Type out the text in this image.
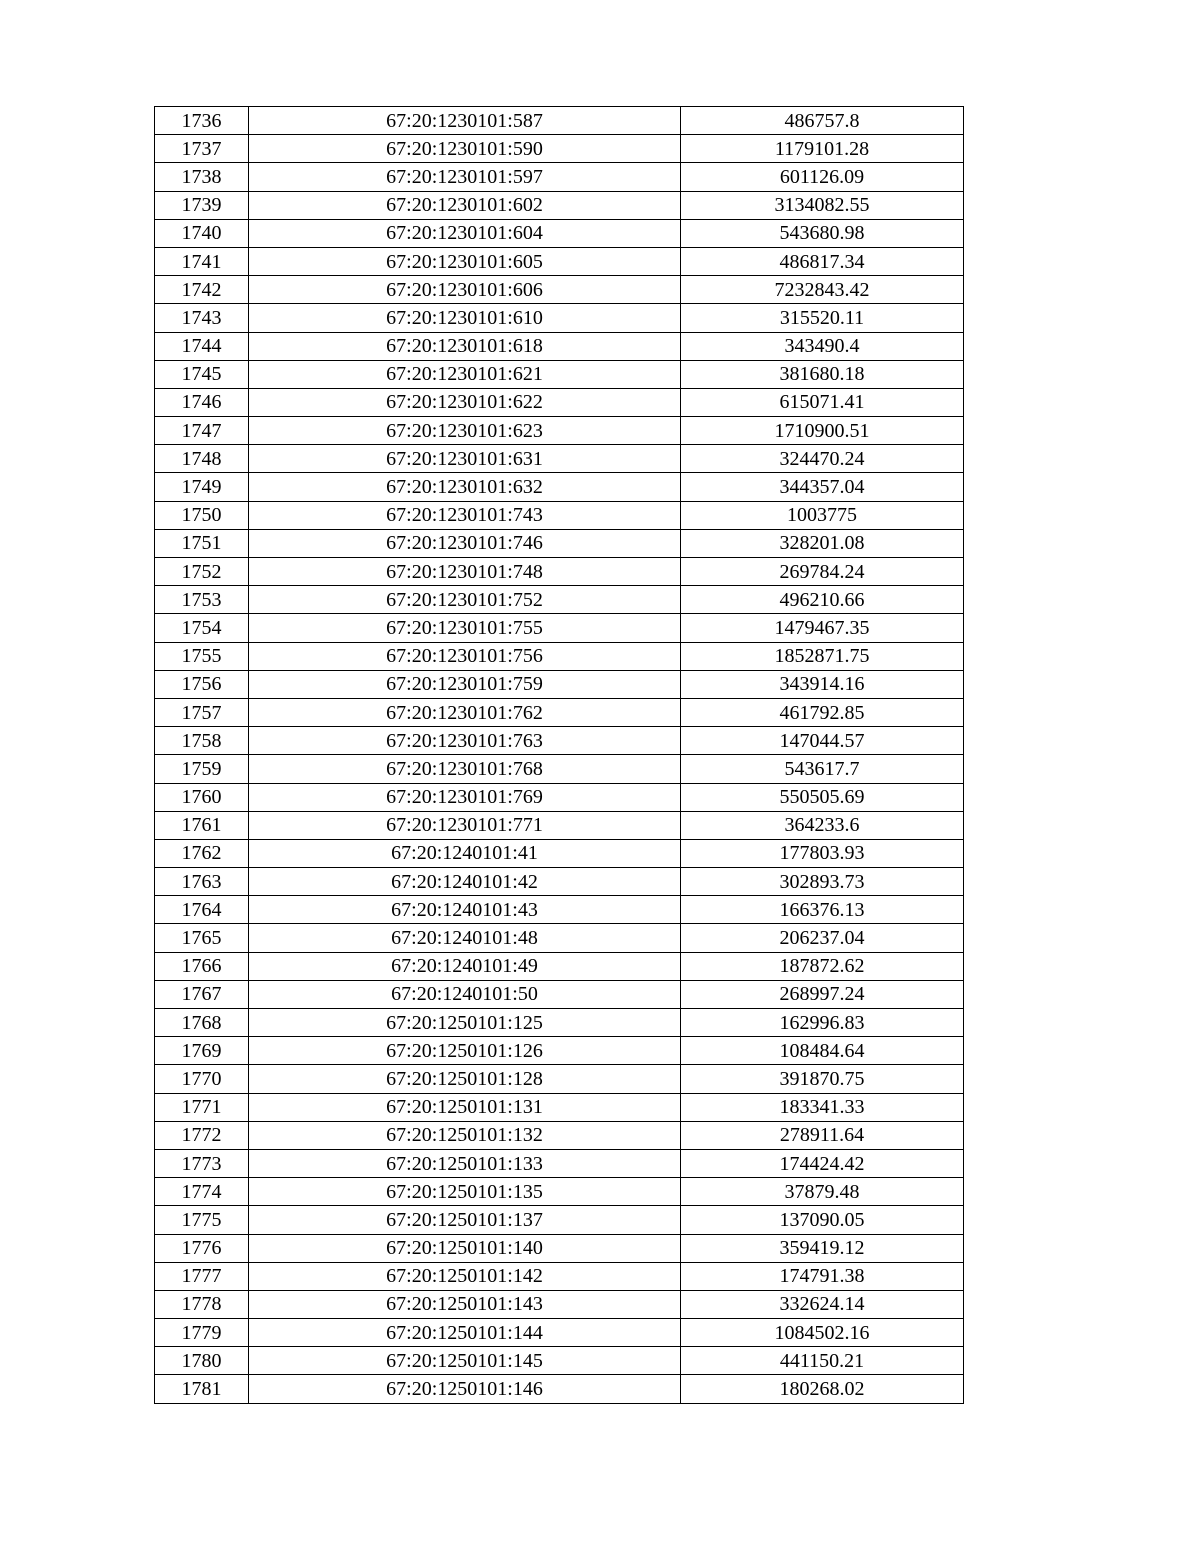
1736	67:20:1230101:587	486757.8
1737	67:20:1230101:590	1179101.28
1738	67:20:1230101:597	601126.09
1739	67:20:1230101:602	3134082.55
1740	67:20:1230101:604	543680.98
1741	67:20:1230101:605	486817.34
1742	67:20:1230101:606	7232843.42
1743	67:20:1230101:610	315520.11
1744	67:20:1230101:618	343490.4
1745	67:20:1230101:621	381680.18
1746	67:20:1230101:622	615071.41
1747	67:20:1230101:623	1710900.51
1748	67:20:1230101:631	324470.24
1749	67:20:1230101:632	344357.04
1750	67:20:1230101:743	1003775
1751	67:20:1230101:746	328201.08
1752	67:20:1230101:748	269784.24
1753	67:20:1230101:752	496210.66
1754	67:20:1230101:755	1479467.35
1755	67:20:1230101:756	1852871.75
1756	67:20:1230101:759	343914.16
1757	67:20:1230101:762	461792.85
1758	67:20:1230101:763	147044.57
1759	67:20:1230101:768	543617.7
1760	67:20:1230101:769	550505.69
1761	67:20:1230101:771	364233.6
1762	67:20:1240101:41	177803.93
1763	67:20:1240101:42	302893.73
1764	67:20:1240101:43	166376.13
1765	67:20:1240101:48	206237.04
1766	67:20:1240101:49	187872.62
1767	67:20:1240101:50	268997.24
1768	67:20:1250101:125	162996.83
1769	67:20:1250101:126	108484.64
1770	67:20:1250101:128	391870.75
1771	67:20:1250101:131	183341.33
1772	67:20:1250101:132	278911.64
1773	67:20:1250101:133	174424.42
1774	67:20:1250101:135	37879.48
1775	67:20:1250101:137	137090.05
1776	67:20:1250101:140	359419.12
1777	67:20:1250101:142	174791.38
1778	67:20:1250101:143	332624.14
1779	67:20:1250101:144	1084502.16
1780	67:20:1250101:145	441150.21
1781	67:20:1250101:146	180268.02
